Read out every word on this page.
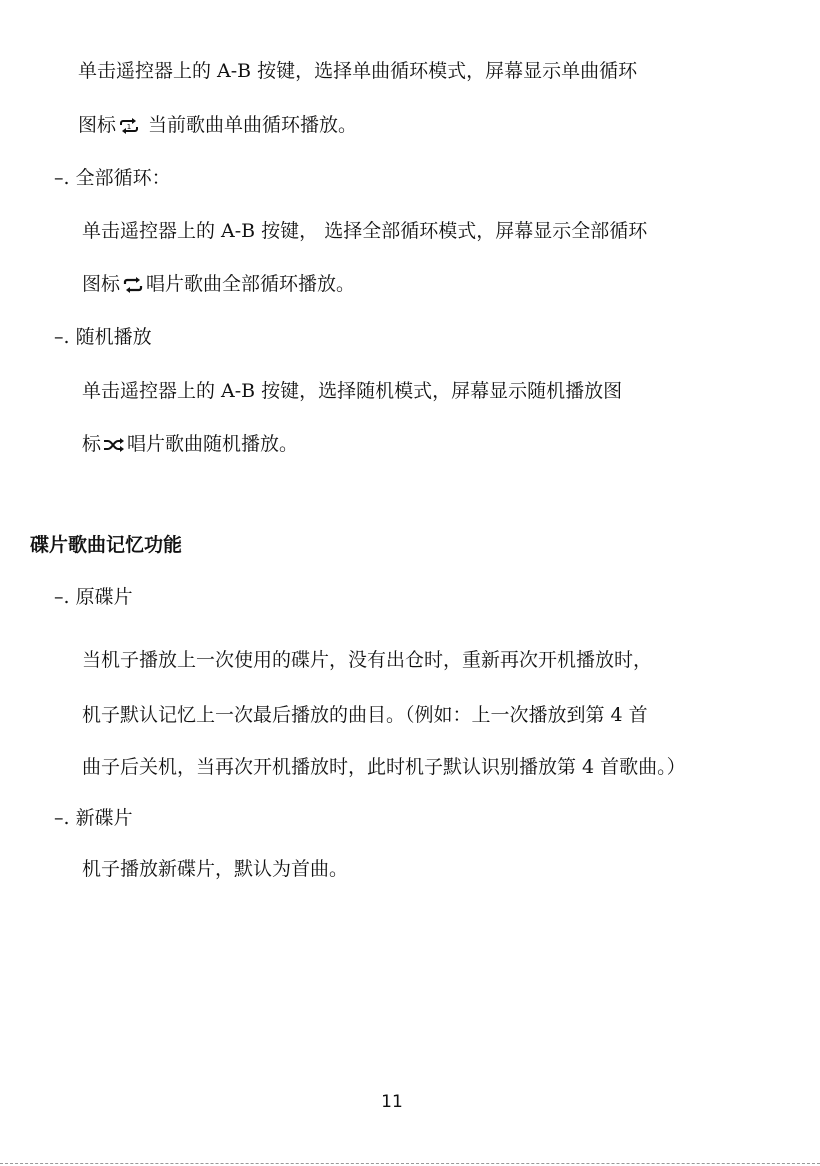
单击遥控器上的 A-B 按键，选择单曲循环模式，屏幕显示单曲循环
图标 1 当前歌曲单曲循环播放。
–. 全部循环：
单击遥控器上的 A-B 按键， 选择全部循环模式，屏幕显示全部循环
图标 唱片歌曲全部循环播放。
–. 随机播放
单击遥控器上的 A-B 按键，选择随机模式，屏幕显示随机播放图
标 唱片歌曲随机播放。
碟片歌曲记忆功能
–. 原碟片
当机子播放上一次使用的碟片，没有出仓时，重新再次开机播放时，
机子默认记忆上一次最后播放的曲目。（例如：上一次播放到第 4 首
曲子后关机，当再次开机播放时，此时机子默认识别播放第 4 首歌曲。）
–. 新碟片
机子播放新碟片，默认为首曲。
11
